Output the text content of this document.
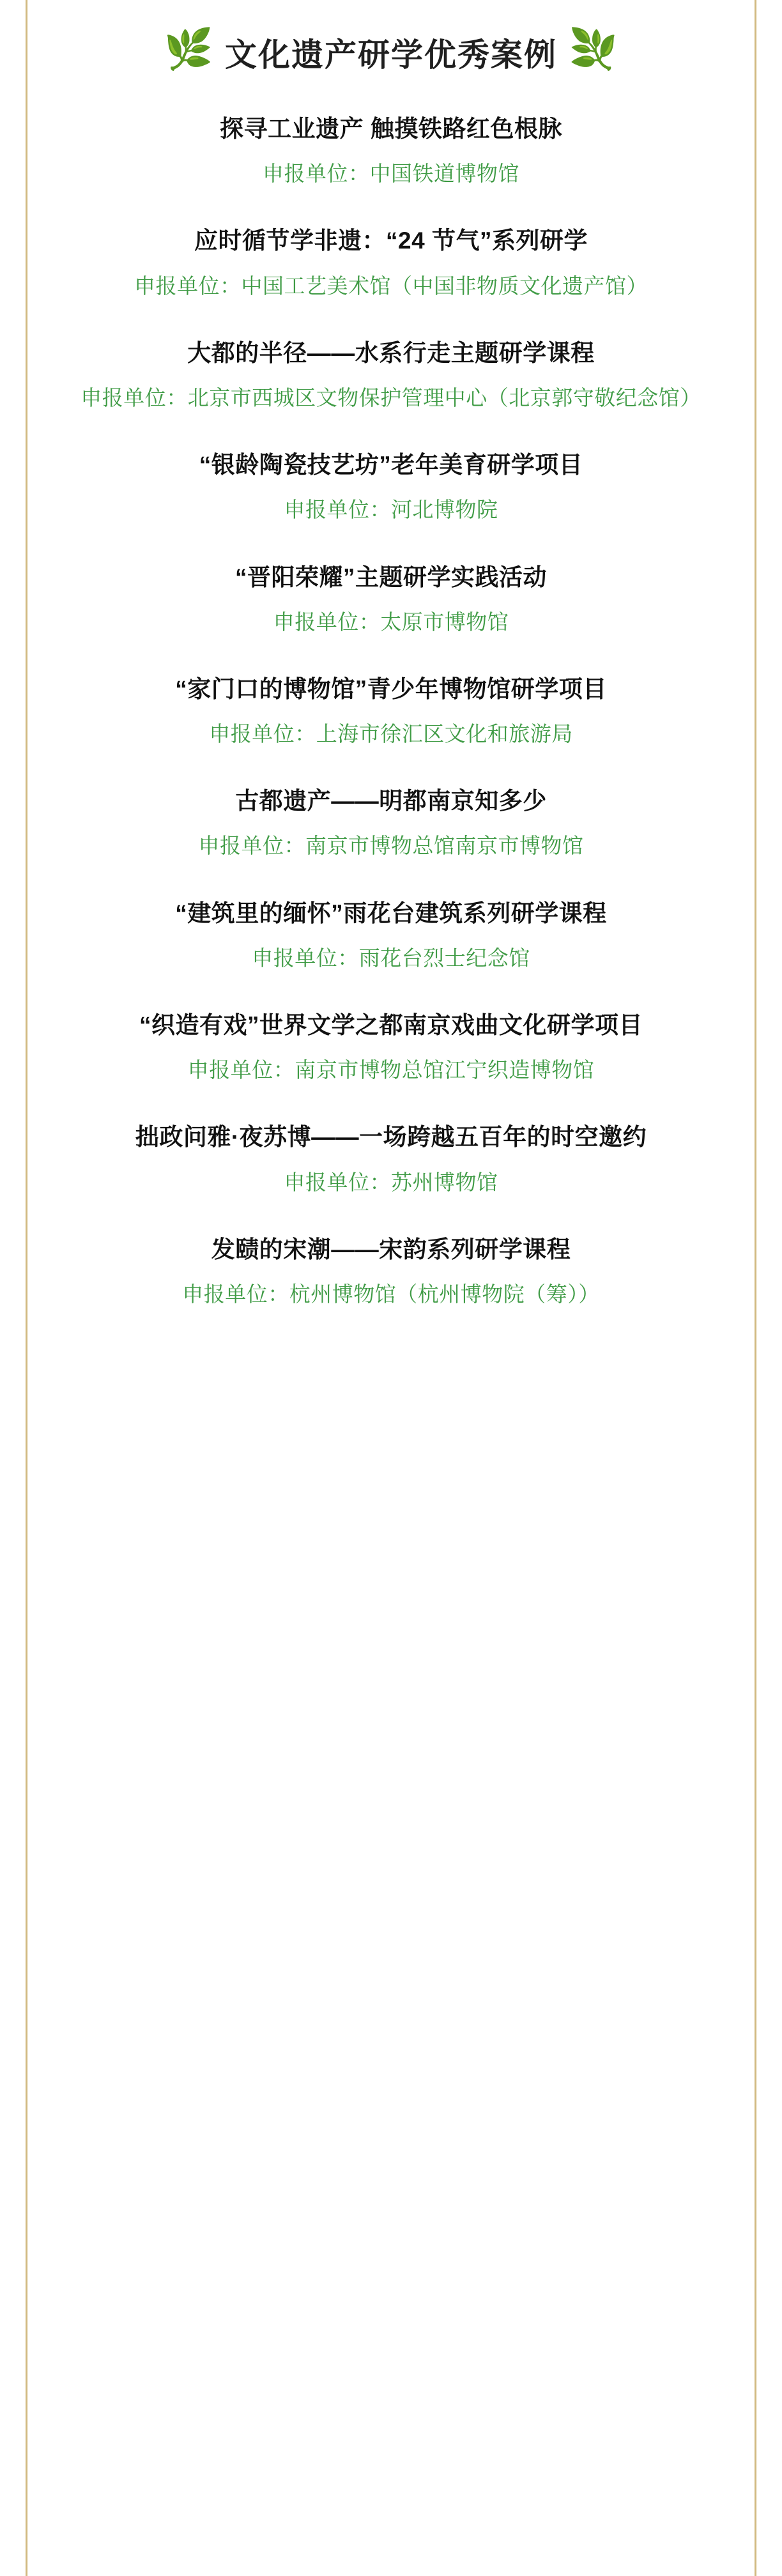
🌿 文化遗产研学优秀案例 🌿
探寻工业遗产 触摸铁路红色根脉
申报单位：中国铁道博物馆
应时循节学非遗：“24 节气”系列研学
申报单位：中国工艺美术馆（中国非物质文化遗产馆）
大都的半径——水系行走主题研学课程
申报单位：北京市西城区文物保护管理中心（北京郭守敬纪念馆）
“银龄陶瓷技艺坊”老年美育研学项目
申报单位：河北博物院
“晋阳荣耀”主题研学实践活动
申报单位：太原市博物馆
“家门口的博物馆”青少年博物馆研学项目
申报单位：上海市徐汇区文化和旅游局
古都遗产——明都南京知多少
申报单位：南京市博物总馆南京市博物馆
“建筑里的缅怀”雨花台建筑系列研学课程
申报单位：雨花台烈士纪念馆
“织造有戏”世界文学之都南京戏曲文化研学项目
申报单位：南京市博物总馆江宁织造博物馆
拙政问雅·夜苏博——一场跨越五百年的时空邀约
申报单位：苏州博物馆
发赜的宋潮——宋韵系列研学课程
申报单位：杭州博物馆（杭州博物院（筹））
